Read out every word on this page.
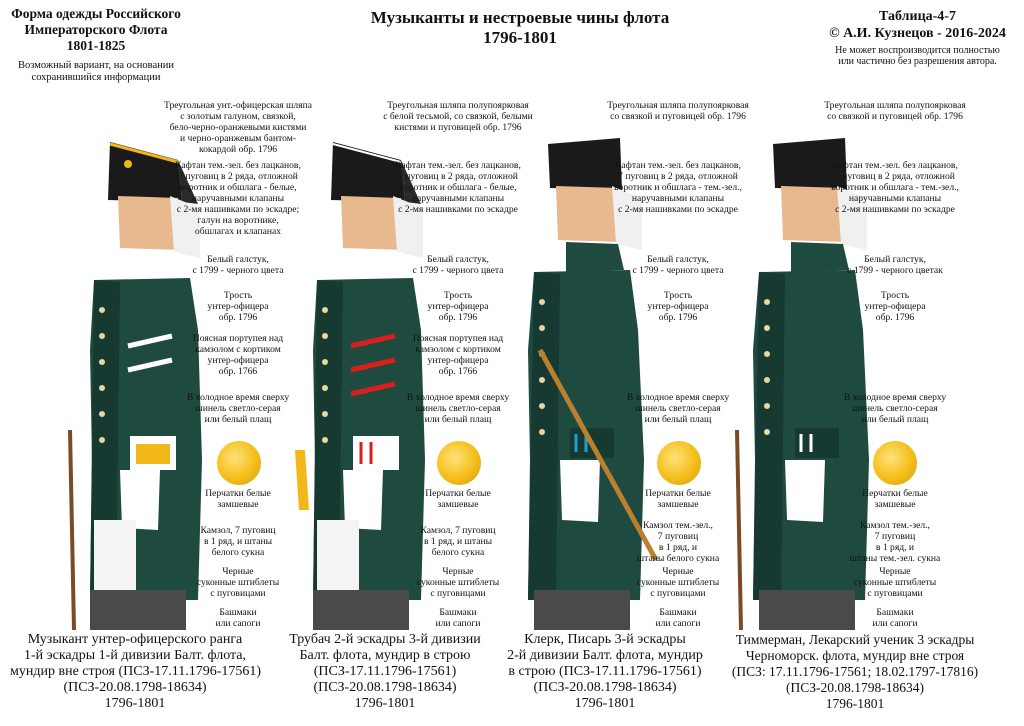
Форма одежды Российского
Императорского Флота
1801-1825
Возможный вариант, на основании
сохранившийся информации
Музыканты и нестроевые чины флота
1796-1801
Таблица-4-7
© А.И. Кузнецов - 2016-2024
Не может воспроизводится полностью
или частично без разрешения автора.
Треугольная унт.-офицерская шляпа
с золотым галуном, связкой,
бело-черно-оранжевыми кистями
и черно-оранжевым бантом-
кокардой обр. 1796
Кафтан тем.-зел. без лацканов,
7 пуговиц в 2 ряда, отложной
воротник и обшлага - белые,
наручавными клапаны
с 2-мя нашивками по эскадре;
галун на воротнике,
обшлагах и клапанах
Белый галстук,
с 1799 - черного цвета
Трость
унтер-офицера
обр. 1796
Поясная портупея над
камзолом с кортиком
унтер-офицера
обр. 1766
В холодное время сверху
шинель светло-серая
или белый плащ
Перчатки белые
замшевые
Камзол, 7 пуговиц
в 1 ряд, и штаны
белого сукна
Черные
суконные штиблеты
с пуговицами
Башмаки
или сапоги
Треугольная шляпа полупоярковая
с белой тесьмой, со связкой, белыми
кистями и пуговицей обр. 1796
Кафтан тем.-зел. без лацканов,
7 пуговиц в 2 ряда, отложной
воротник и обшлага - белые,
наручавными клапаны
с 2-мя нашивками по эскадре
Белый галстук,
с 1799 - черного цвета
Трость
унтер-офицера
обр. 1796
Поясная портупея над
камзолом с кортиком
унтер-офицера
обр. 1766
В холодное время сверху
шинель светло-серая
или белый плащ
Перчатки белые
замшевые
Камзол, 7 пуговиц
в 1 ряд, и штаны
белого сукна
Черные
суконные штиблеты
с пуговицами
Башмаки
или сапоги
Треугольная шляпа полупоярковая
со связкой и пуговицей обр. 1796
Кафтан тем.-зел. без лацканов,
7 пуговиц в 2 ряда, отложной
воротник и обшлага - тем.-зел.,
наручавными клапаны
с 2-мя нашивками по эскадре
Белый галстук,
с 1799 - черного цвета
Трость
унтер-офицера
обр. 1796
В холодное время сверху
шинель светло-серая
или белый плащ
Перчатки белые
замшевые
Камзол тем.-зел.,
7 пуговиц
в 1 ряд, и
штаны белого сукна
Черные
суконные штиблеты
с пуговицами
Башмаки
или сапоги
Треугольная шляпа полупоярковая
со связкой и пуговицей обр. 1796
Кафтан тем.-зел. без лацканов,
7 пуговиц в 2 ряда, отложной
воротник и обшлага - тем.-зел.,
наручавными клапаны
с 2-мя нашивками по эскадре
Белый галстук,
с 1799 - черного цветак
Трость
унтер-офицера
обр. 1796
В холодное время сверху
шинель светло-серая
или белый плащ
Перчатки белые
замшевые
Камзол тем.-зел.,
7 пуговиц
в 1 ряд, и
штаны тем.-зел. сукна
Черные
суконные штиблеты
с пуговицами
Башмаки
или сапоги
Музыкант унтер-офицерского ранга
1-й эскадры 1-й дивизии Балт. флота,
мундир вне строя (ПСЗ-17.11.1796-17561)
(ПСЗ-20.08.1798-18634)
1796-1801
Трубач 2-й эскадры 3-й дивизии
Балт. флота, мундир в строю
(ПСЗ-17.11.1796-17561)
(ПСЗ-20.08.1798-18634)
1796-1801
Клерк, Писарь 3-й эскадры
2-й дивизии Балт. флота, мундир
в строю (ПСЗ-17.11.1796-17561)
(ПСЗ-20.08.1798-18634)
1796-1801
Тиммерман, Лекарский ученик 3 эскадры
Черноморск. флота, мундир вне строя
(ПСЗ: 17.11.1796-17561; 18.02.1797-17816)
(ПСЗ-20.08.1798-18634)
1796-1801
